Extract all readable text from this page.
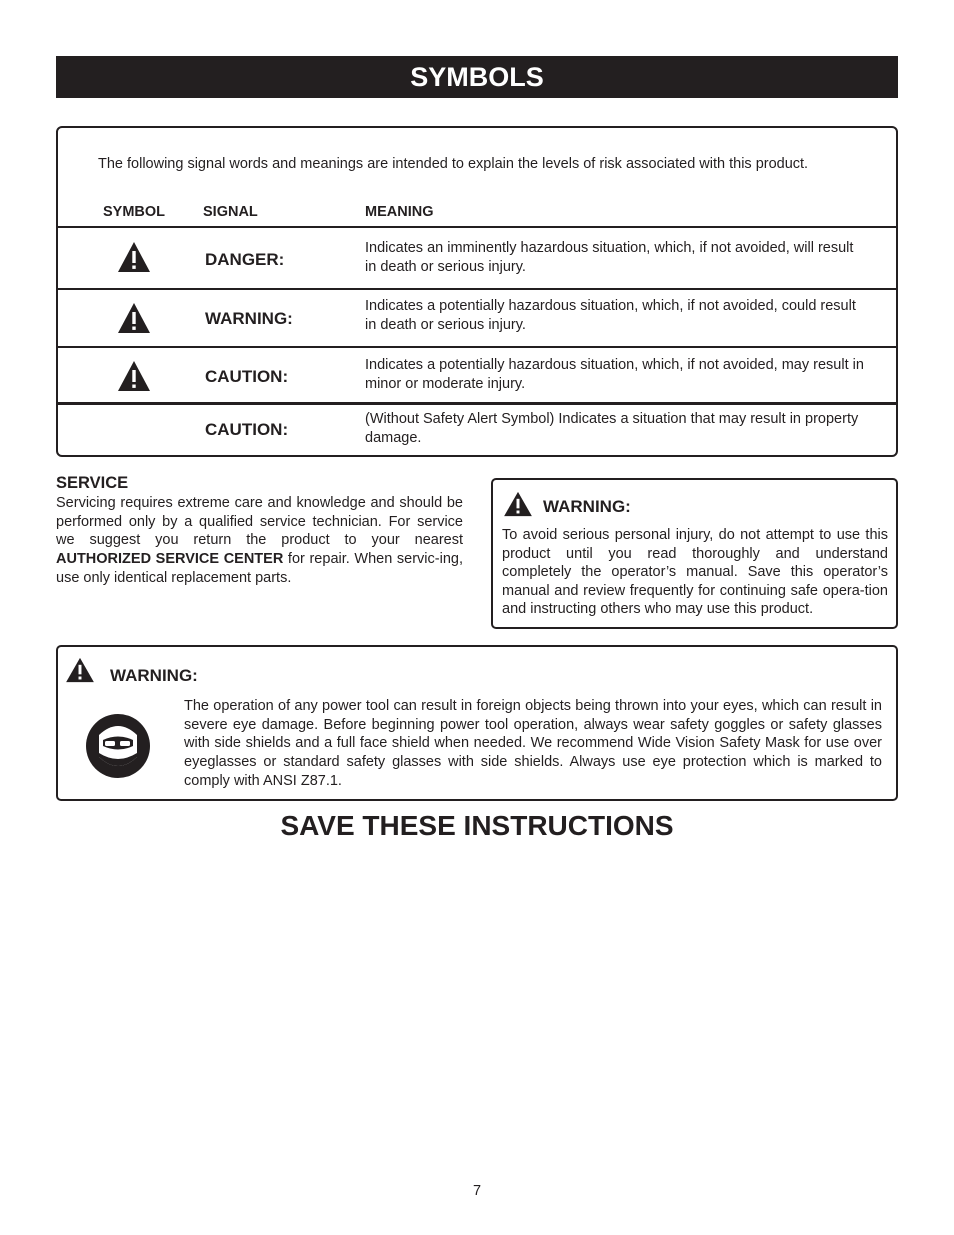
SYMBOLS
The following signal words and meanings are intended to explain the levels of risk associated with this product.
SYMBOL	SIGNAL	MEANING
DANGER:
Indicates an imminently hazardous situation, which, if not avoided, will result in death or serious injury.
WARNING:
Indicates a potentially hazardous situation, which, if not avoided, could result in death or serious injury.
CAUTION:
Indicates a potentially hazardous situation, which, if not avoided, may result in minor or moderate injury.
CAUTION:
(Without Safety Alert Symbol) Indicates a situation that may result in property damage.
SERVICE
Servicing requires extreme care and knowledge and should be performed only by a qualified service technician. For service we suggest you return the product to your nearest AUTHORIZED SERVICE CENTER for repair. When servic-ing, use only identical replacement parts.
WARNING:
To avoid serious personal injury, do not attempt to use this product until you read thoroughly and understand completely the operator’s manual. Save this operator’s manual and review frequently for continuing safe opera-tion and instructing others who may use this product.
WARNING:
The operation of any power tool can result in foreign objects being thrown into your eyes, which can result in severe eye damage. Before beginning power tool operation, always wear safety goggles or safety glasses with side shields and a full face shield when needed. We recommend Wide Vision Safety Mask for use over eyeglasses or standard safety glasses with side shields. Always use eye protection which is marked to comply with ANSI Z87.1.
SAVE THESE INSTRUCTIONS
7
